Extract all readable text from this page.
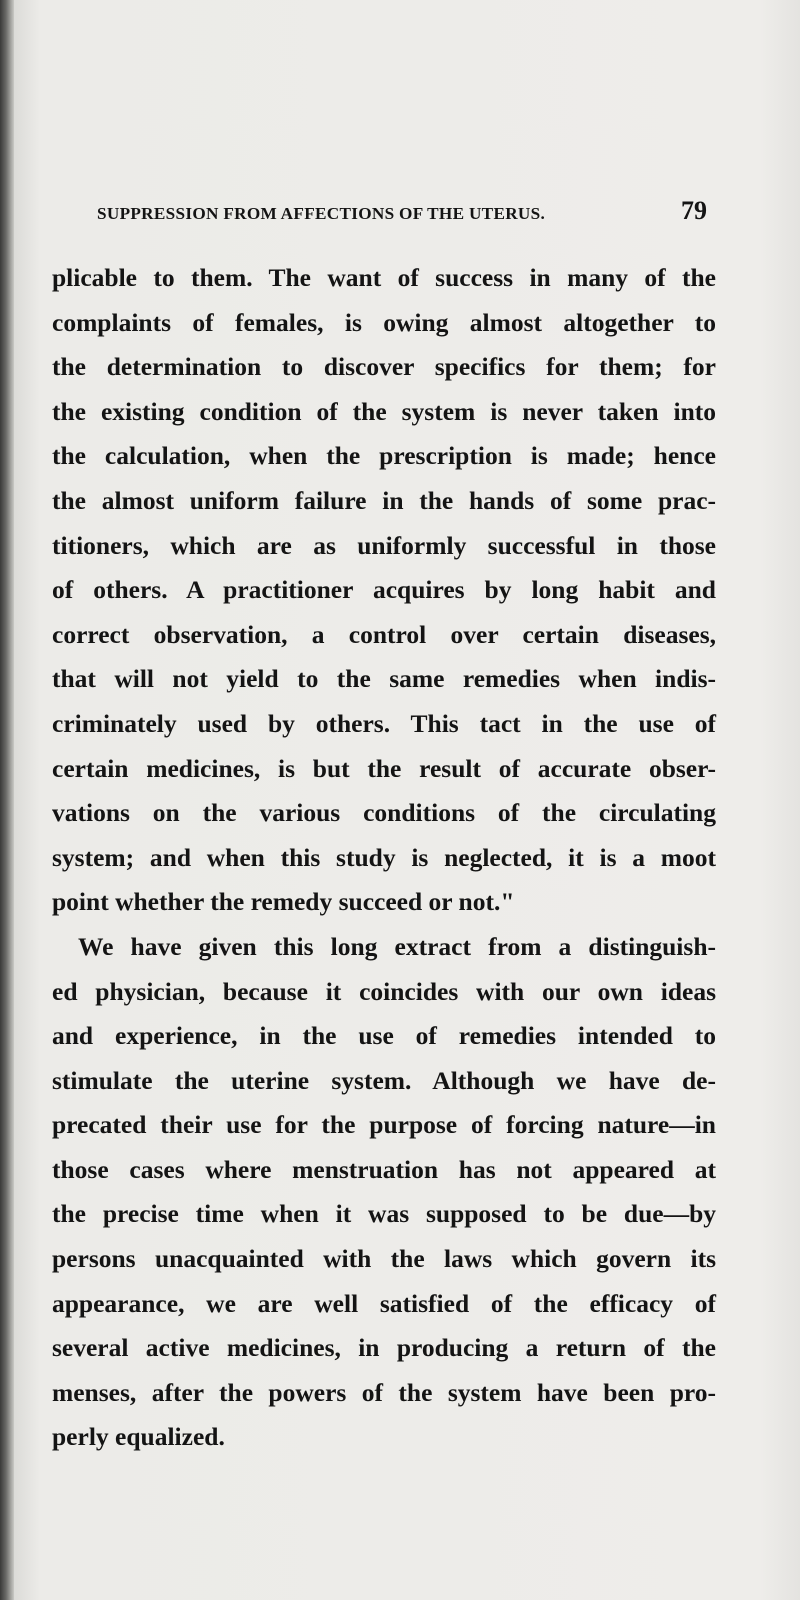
SUPPRESSION FROM AFFECTIONS OF THE UTERUS.	79
plicable to them. The want of success in many of the
complaints of females, is owing almost altogether to
the determination to discover specifics for them; for
the existing condition of the system is never taken into
the calculation, when the prescription is made; hence
the almost uniform failure in the hands of some prac-
titioners, which are as uniformly successful in those
of others. A practitioner acquires by long habit and
correct observation, a control over certain diseases,
that will not yield to the same remedies when indis-
criminately used by others. This tact in the use of
certain medicines, is but the result of accurate obser-
vations on the various conditions of the circulating
system; and when this study is neglected, it is a moot
point whether the remedy succeed or not."
We have given this long extract from a distinguish-
ed physician, because it coincides with our own ideas
and experience, in the use of remedies intended to
stimulate the uterine system. Although we have de-
precated their use for the purpose of forcing nature—in
those cases where menstruation has not appeared at
the precise time when it was supposed to be due—by
persons unacquainted with the laws which govern its
appearance, we are well satisfied of the efficacy of
several active medicines, in producing a return of the
menses, after the powers of the system have been pro-
perly equalized.
